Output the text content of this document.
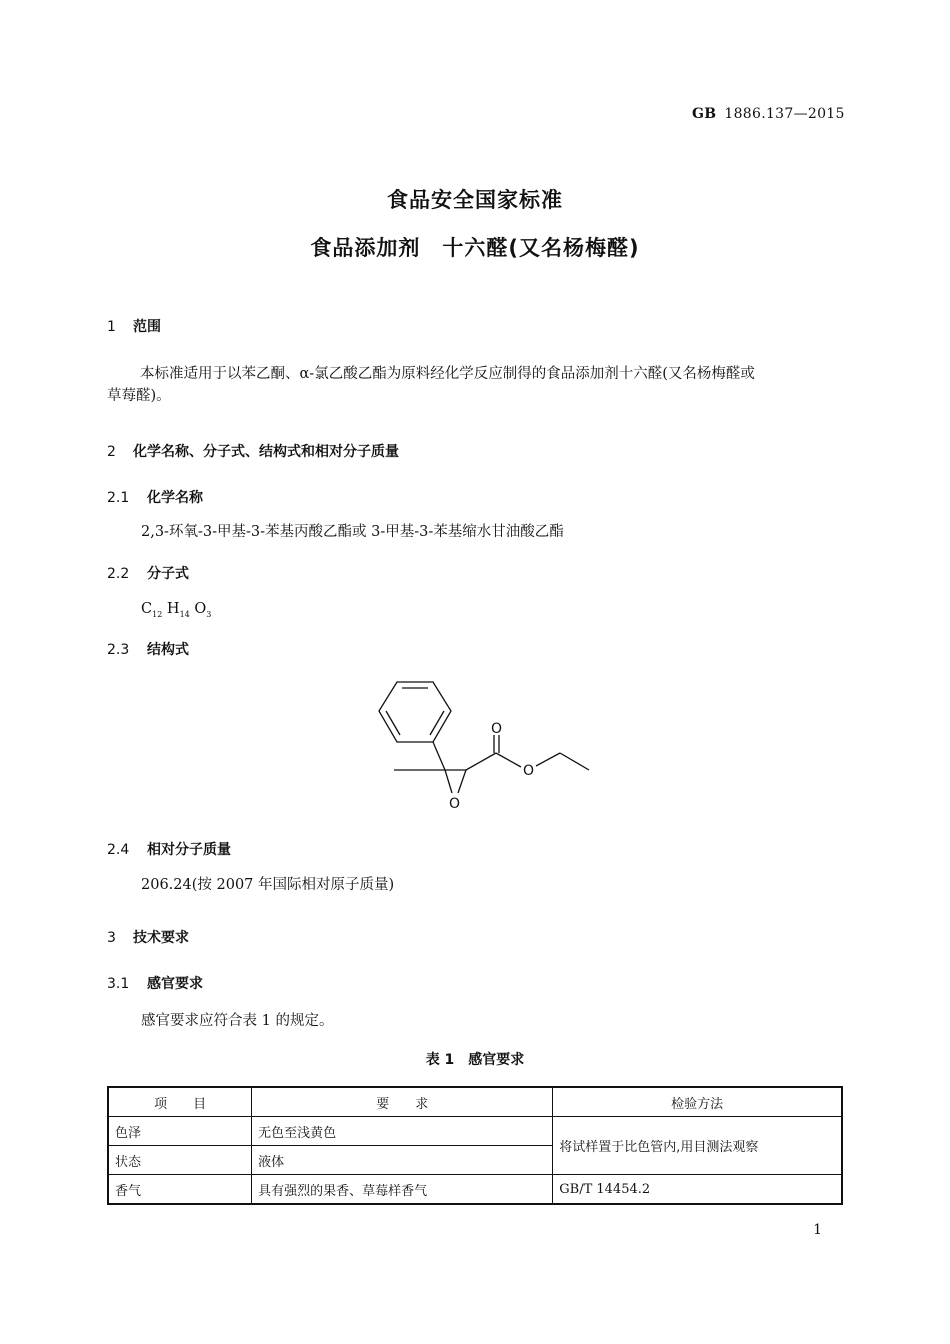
GB 1886.137—2015
食品安全国家标准
食品添加剂　十六醛(又名杨梅醛)
1 范围
本标准适用于以苯乙酮、α-氯乙酸乙酯为原料经化学反应制得的食品添加剂十六醛(又名杨梅醛或
草莓醛)。
2 化学名称、分子式、结构式和相对分子质量
2.1 化学名称
2,3-环氧-3-甲基-3-苯基丙酸乙酯或 3-甲基-3-苯基缩水甘油酸乙酯
2.2 分子式
$C_{12}$ $H_{14}$ $O_3$
2.3 结构式
O
O
O
2.4 相对分子质量
206.24(按 2007 年国际相对原子质量)
3 技术要求
3.1 感官要求
感官要求应符合表 1 的规定。
表 1　感官要求
项　　目	要　　求	检验方法
色泽	无色至浅黄色	将试样置于比色管内,用目测法观察
状态	液体	
香气	具有强烈的果香、草莓样香气	GB/T 14454.2
1
